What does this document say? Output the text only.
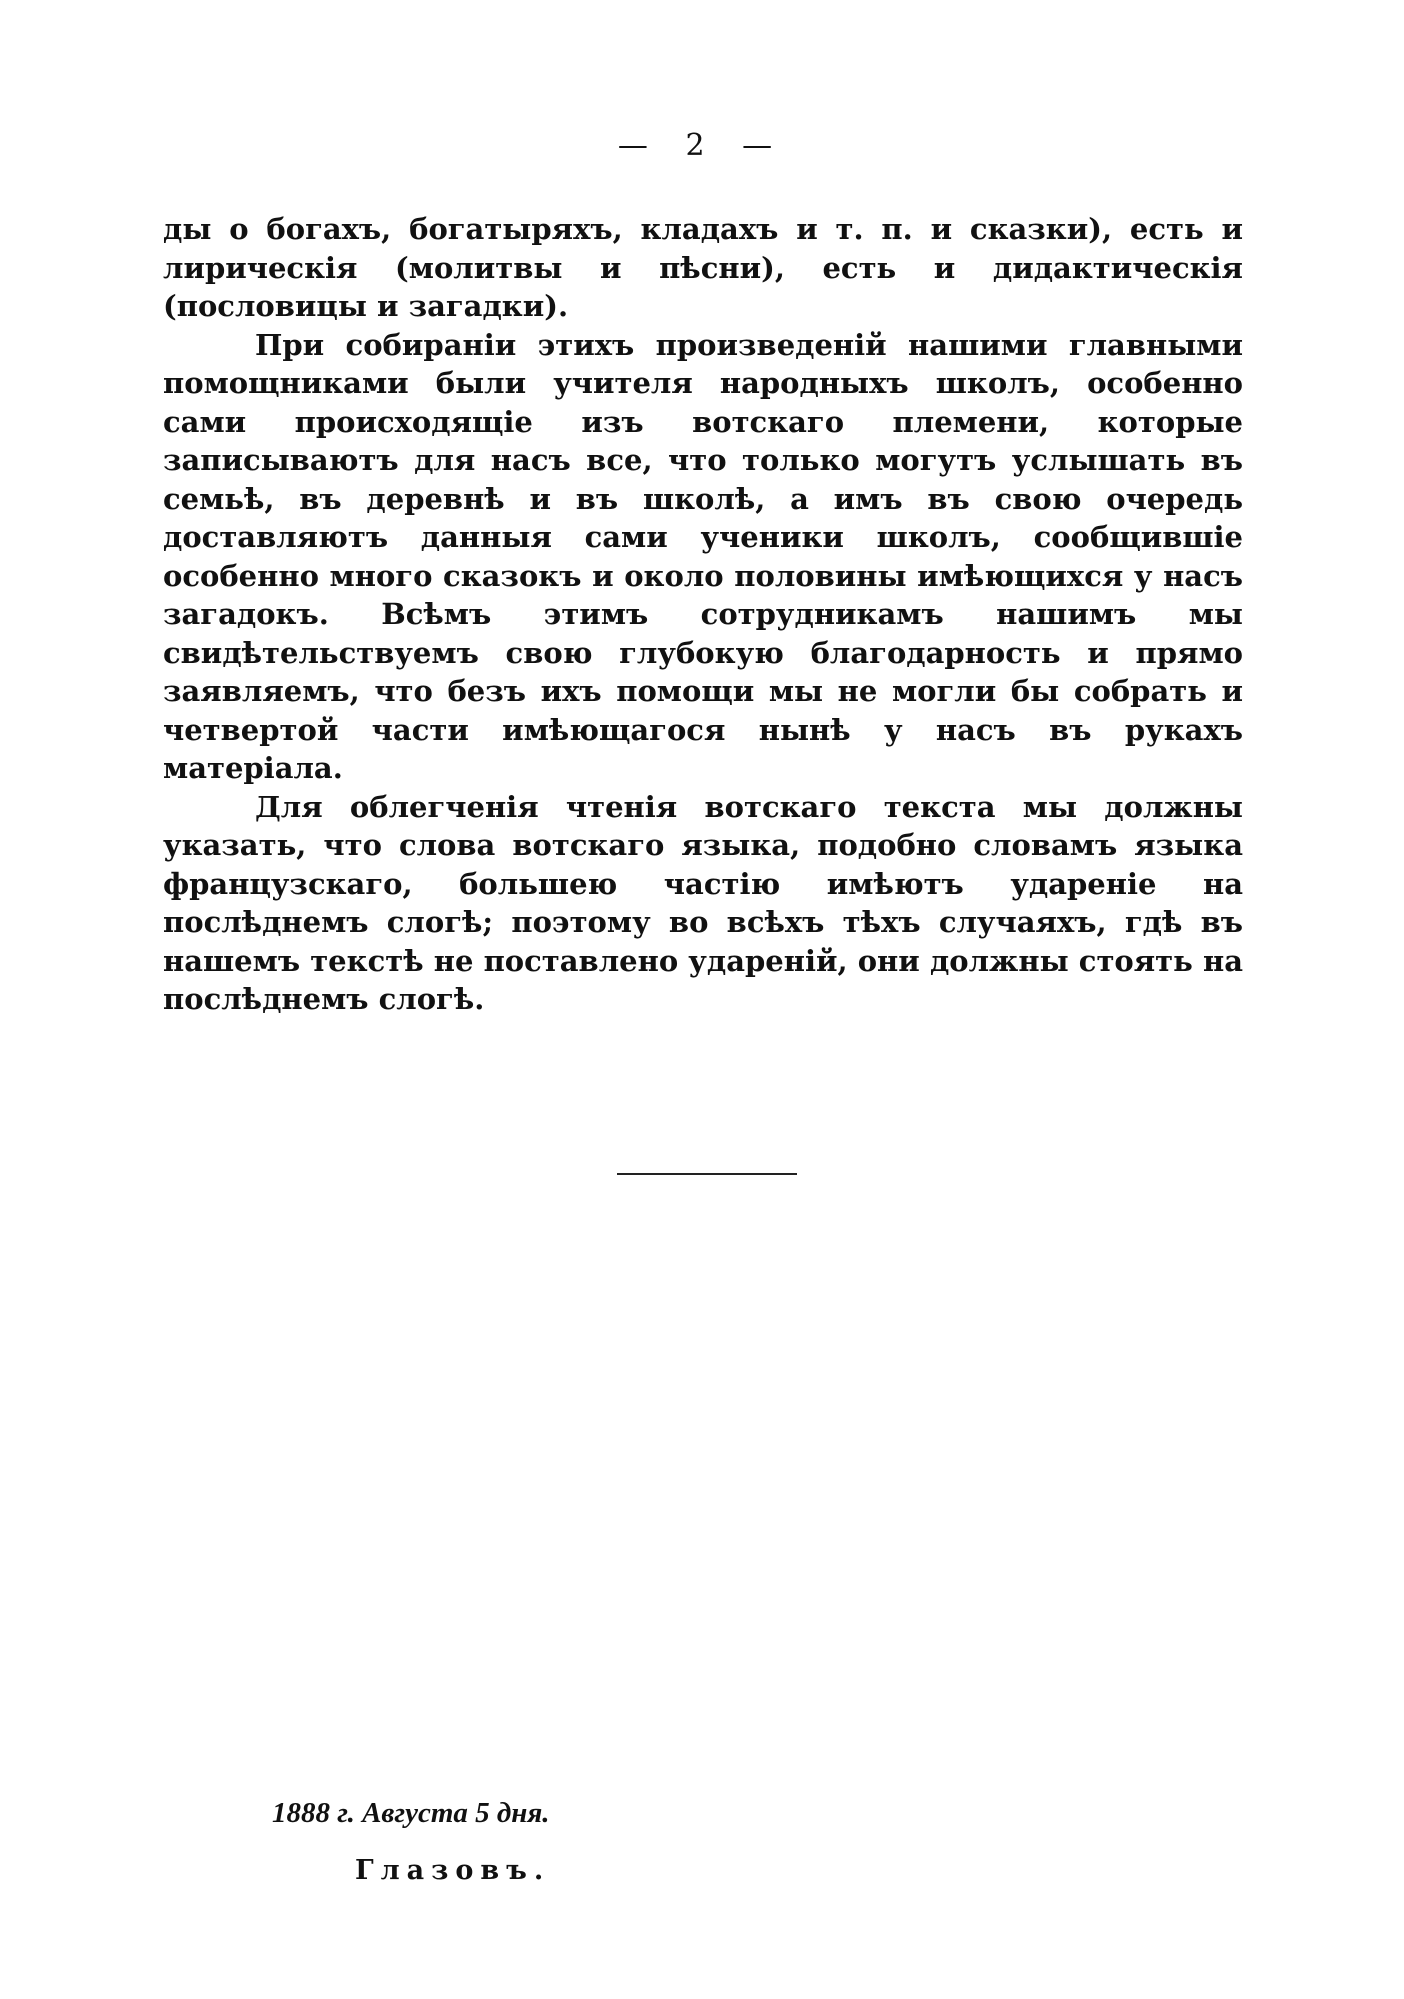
— 2 —

ды о богахъ, богатыряхъ, кладахъ и т. п. и сказки), есть и лирическія (молитвы и пѣсни), есть и дидактическія (пословицы и загадки).

При собираніи этихъ произведеній нашими главными помощниками были учителя народныхъ школъ, особенно сами происходящіе изъ вотскаго племени, которые записываютъ для насъ все, что только могутъ услышать въ семьѣ, въ деревнѣ и въ школѣ, а имъ въ свою очередь доставляютъ данныя сами ученики школъ, сообщившіе особенно много сказокъ и около половины имѣющихся у насъ загадокъ. Всѣмъ этимъ сотрудникамъ нашимъ мы свидѣтельствуемъ свою глубокую благодарность и прямо заявляемъ, что безъ ихъ помощи мы не могли бы собрать и четвертой части имѣющагося нынѣ у насъ въ рукахъ матеріала.

Для облегченія чтенія вотскаго текста мы должны указать, что слова вотскаго языка, подобно словамъ языка французскаго, большею частію имѣютъ удареніе на послѣднемъ слогѣ; поэтому во всѣхъ тѣхъ случаяхъ, гдѣ въ нашемъ текстѣ не поставлено ударенiй, они должны стоять на послѣднемъ слогѣ.

1888 г. Августа 5 дня.
Глазовъ.
